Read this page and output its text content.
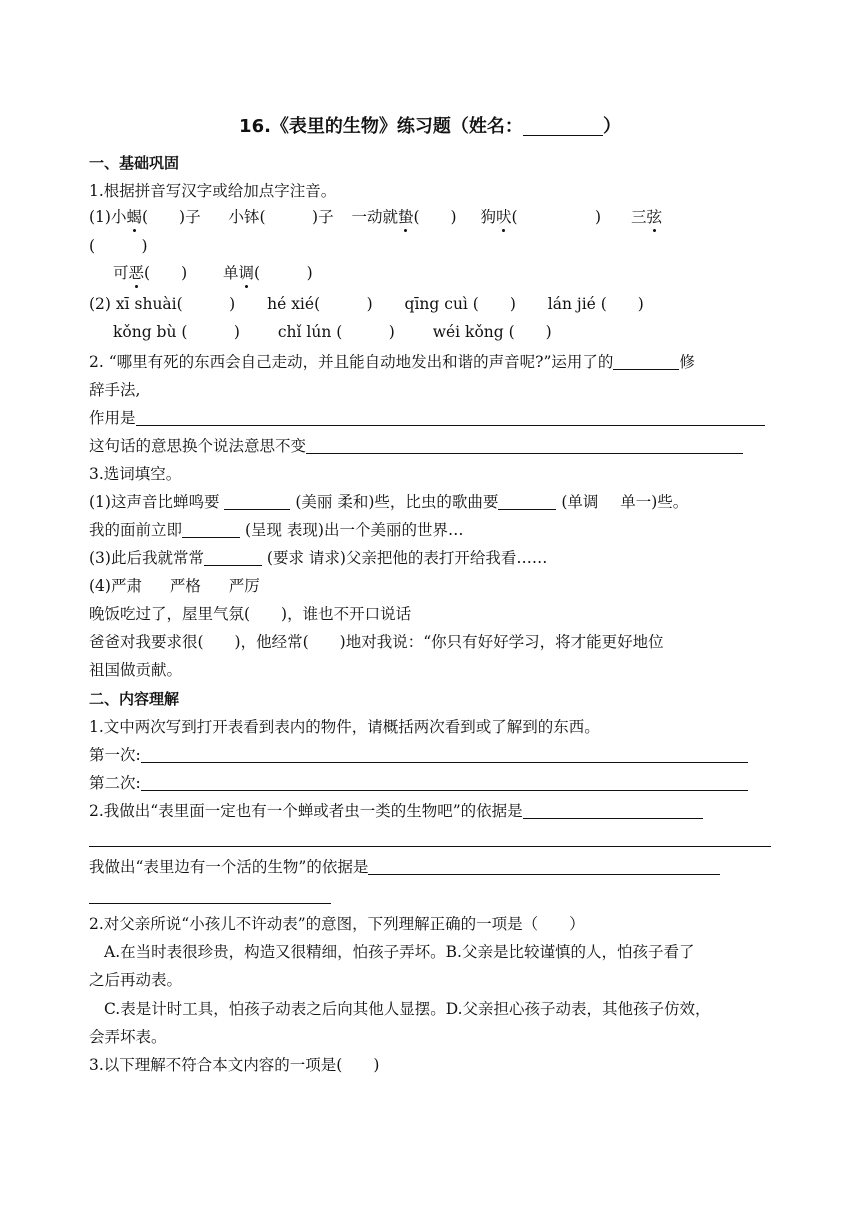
16.《表里的生物》练习题（姓名：	）
一、基础巩固
1.根据拼音写汉字或给加点字注音。
(1)小蝎(　　)子 小钵(　　　)子 一动就蛰(　　) 狗吠(　　　　　) 三弦
(　　　)
可恶(　　) 单调(　　　)
(2) xī shuài(　　　) hé xié(　　　) qīng cuì (　　) lán jié (　　)
kǒng bù (　　　) chǐ lún (　　　) wéi kǒng (　　)
2. “哪里有死的东西会自己走动，并且能自动地发出和谐的声音呢?”运用了的	修
辞手法,
作用是
这句话的意思换个说法意思不变
3.选词填空。
(1)这声音比蝉鸣要	(美丽 柔和)些，比虫的歌曲要	(单调 单一)些。
我的面前立即	(呈现 表现)出一个美丽的世界…
(3)此后我就常常	(要求 请求)父亲把他的表打开给我看……
(4)严肃 严格 严厉
晚饭吃过了，屋里气氛(　　)，谁也不开口说话
爸爸对我要求很(　　)，他经常(　　)地对我说：“你只有好好学习，将才能更好地位
祖国做贡献。
二、内容理解
1.文中两次写到打开表看到表内的物件，请概括两次看到或了解到的东西。
第一次:
第二次:
2.我做出“表里面一定也有一个蝉或者虫一类的生物吧”的依据是
我做出“表里边有一个活的生物”的依据是
2.对父亲所说“小孩儿不许动表”的意图，下列理解正确的一项是（　　）
A.在当时表很珍贵，构造又很精细，怕孩子弄坏。B.父亲是比较谨慎的人，怕孩子看了
之后再动表。
C.表是计时工具，怕孩子动表之后向其他人显摆。D.父亲担心孩子动表，其他孩子仿效，
会弄坏表。
3.以下理解不符合本文内容的一项是(　　)
